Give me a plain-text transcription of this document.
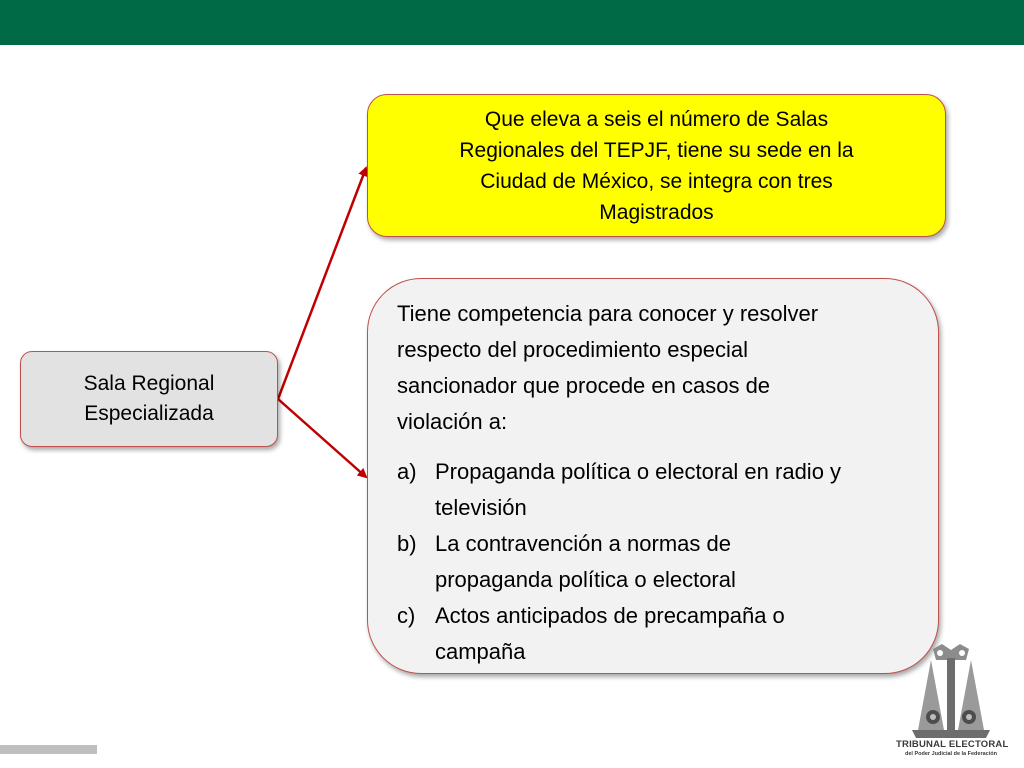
Sala Regional
Especializada
Que eleva a seis el número de Salas
Regionales del TEPJF, tiene su sede en la
Ciudad de México, se integra con tres
Magistrados
Tiene competencia para conocer y resolver
respecto del procedimiento especial
sancionador que procede en casos de
violación a:
a) Propaganda política o electoral en radio y
televisión
b) La contravención a normas de
propaganda política o electoral
c) Actos anticipados de precampaña o
campaña
TRIBUNAL ELECTORAL
del Poder Judicial de la Federación
